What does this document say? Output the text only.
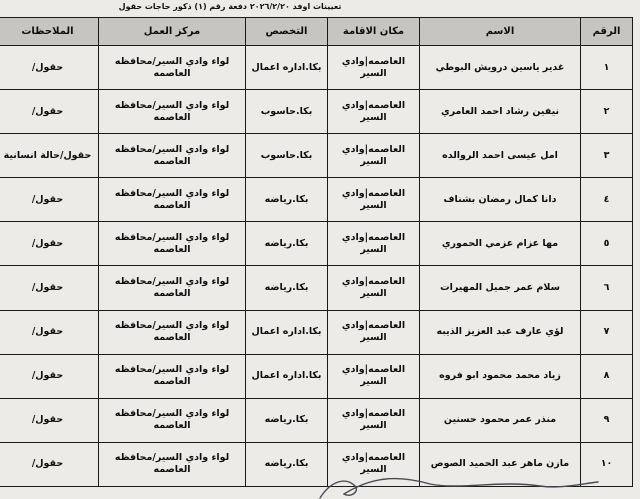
تعيينات اوفد ٢٠٢٦/٢/٢٠ دفعة رقم (١) ذكور حاجات حقول
الرقم	الاسم	مكان الاقامة	التخصص	مركز العمل	الملاحظات
١	غدير ياسين درويش البوطي	العاصمه|وادي السير	بكا.اداره اعمال	لواء وادي السير/محافظه العاصمه	حقول/
٢	نيفين رشاد احمد العامري	العاصمه|وادي السير	بكا.حاسوب	لواء وادي السير/محافظه العاصمه	حقول/
٣	امل عيسى احمد الروالده	العاصمه|وادي السير	بكا.حاسوب	لواء وادي السير/محافظه العاصمه	حقول/حالة انسانية
٤	دانا كمال رمضان بشناف	العاصمه|وادي السير	بكا.رياضه	لواء وادي السير/محافظه العاصمه	حقول/
٥	مها عزام عزمي الحموري	العاصمه|وادي السير	بكا.رياضه	لواء وادي السير/محافظه العاصمه	حقول/
٦	سلام عمر جميل المهيرات	العاصمه|وادي السير	بكا.رياضه	لواء وادي السير/محافظه العاصمه	حقول/
٧	لؤي عارف عبد العزيز الذيبه	العاصمه|وادي السير	بكا.اداره اعمال	لواء وادي السير/محافظه العاصمه	حقول/
٨	زياد محمد محمود ابو فروه	العاصمه|وادي السير	بكا.اداره اعمال	لواء وادي السير/محافظه العاصمه	حقول/
٩	منذر عمر محمود حسنين	العاصمه|وادي السير	بكا.رياضه	لواء وادي السير/محافظه العاصمه	حقول/
١٠	مازن ماهر عبد الحميد الصوص	العاصمه|وادي السير	بكا.رياضه	لواء وادي السير/محافظه العاصمه	حقول/
